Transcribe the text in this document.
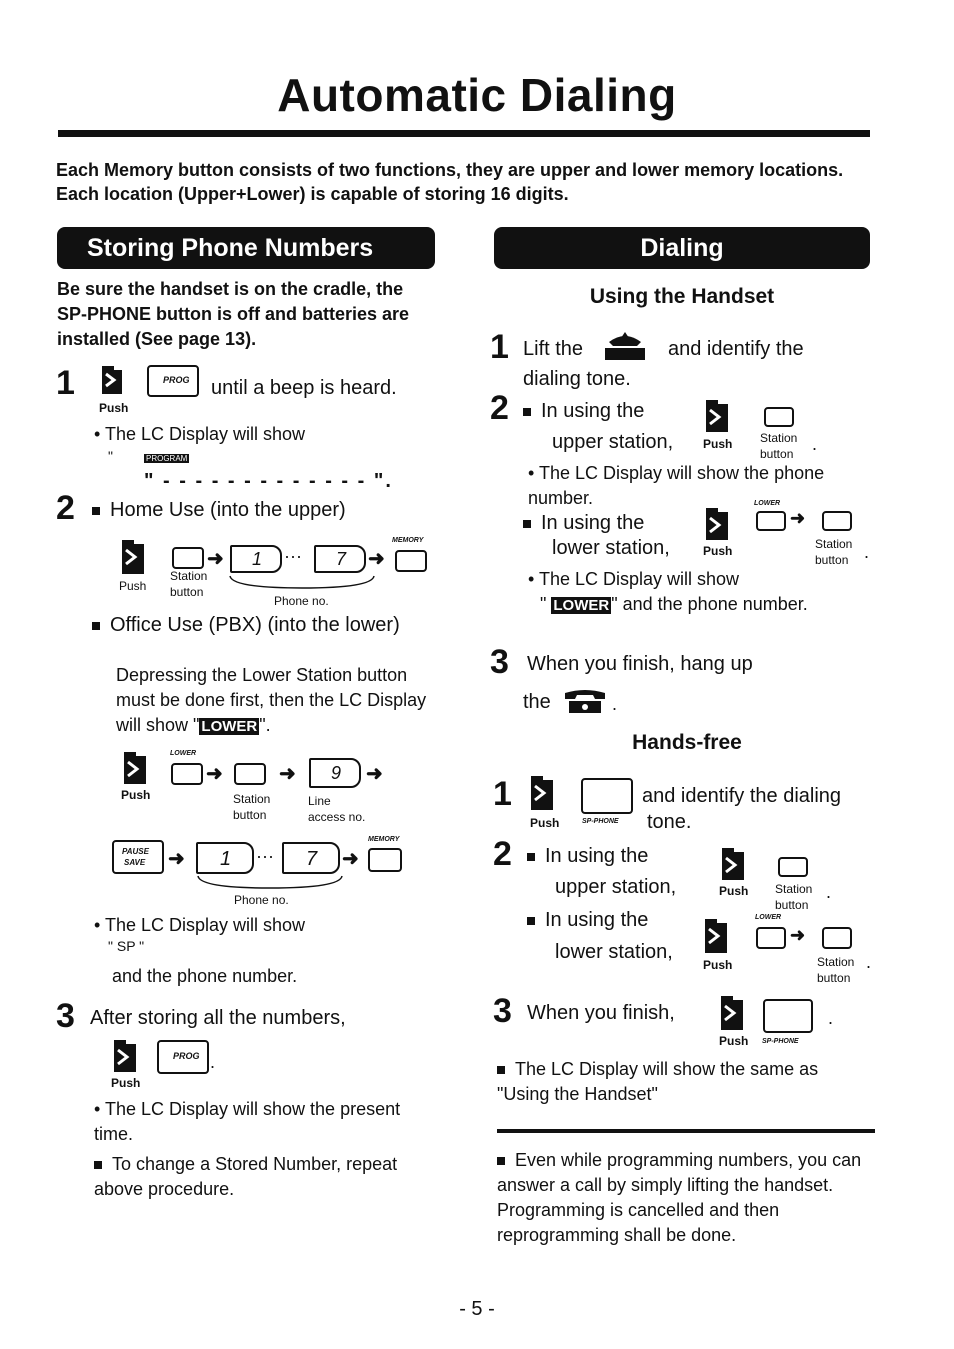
Automatic Dialing
Each Memory button consists of two functions, they are upper and lower memory locations. Each location (Upper+Lower) is capable of storing 16 digits.
Storing Phone Numbers
Be sure the handset is on the cradle, the SP-PHONE button is off and batteries are installed (See page 13).
1
Push
PROG until a beep is heard.
• The LC Display will show
"	PROGRAM
" - - - - - - - - - - - - - ".
2	Home Use (into the upper)
Push
Station
button
➜ 1 ··· 7 ➜
MEMORY
Phone no.
Office Use (PBX) (into the lower)
Depressing the Lower Station button must be done first, then the LC Display will show " LOWER ".
Push
LOWER
➜
Station
button
➜ 9 ➜
Line
access no.
PAUSE
SAVE ➜ 1 ··· 7 ➜
MEMORY
Phone no.
• The LC Display will show
" SP "
and the phone number.
3 After storing all the numbers,
Push
PROG .
• The LC Display will show the present time.
To change a Stored Number, repeat above procedure.
Dialing
Using the Handset
1 Lift the	and identify the
dialing tone.
2	In using the
upper station, Push Station
button .
• The LC Display will show the phone number.
In using the
lower station,	Push
LOWER
➜
Station
button .
• The LC Display will show
" LOWER " and the phone number.
3 When you finish, hang up
the	.
Hands-free
1
Push	SP-PHONE
and identify the dialing
tone.
2	In using the
upper station,	Push Station
button
.
In using the
lower station,
Push
LOWER
➜
Station
button
.
3 When you finish,
Push SP-PHONE
.
The LC Display will show the same as "Using the Handset"
Even while programming numbers, you can answer a call by simply lifting the handset. Programming is cancelled and then reprogramming shall be done.
- 5 -
